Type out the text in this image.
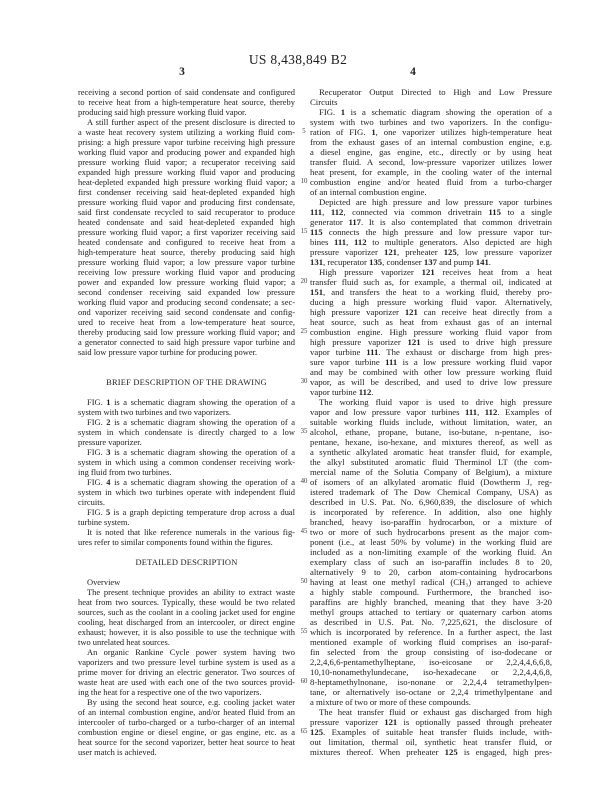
US 8,438,849 B2
3	4
receiving a second portion of said condensate and configured
to receive heat from a high-temperature heat source, thereby
producing said high pressure working fluid vapor.
A still further aspect of the present disclosure is directed to
a waste heat recovery system utilizing a working fluid com-
prising: a high pressure vapor turbine receiving high pressure
working fluid vapor and producing power and expanded high
pressure working fluid vapor; a recuperator receiving said
expanded high pressure working fluid vapor and producing
heat-depleted expanded high pressure working fluid vapor; a
first condenser receiving said heat-depleted expanded high
pressure working fluid vapor and producing first condensate,
said first condensate recycled to said recuperator to produce
heated condensate and said heat-depleted expanded high
pressure working fluid vapor; a first vaporizer receiving said
heated condensate and configured to receive heat from a
high-temperature heat source, thereby producing said high
pressure working fluid vapor; a low pressure vapor turbine
receiving low pressure working fluid vapor and producing
power and expanded low pressure working fluid vapor; a
second condenser receiving said expanded low pressure
working fluid vapor and producing second condensate; a sec-
ond vaporizer receiving said second condensate and config-
ured to receive heat from a low-temperature heat source,
thereby producing said low pressure working fluid vapor; and
a generator connected to said high pressure vapor turbine and
said low pressure vapor turbine for producing power.
BRIEF DESCRIPTION OF THE DRAWING
FIG. 1 is a schematic diagram showing the operation of a
system with two turbines and two vaporizers.
FIG. 2 is a schematic diagram showing the operation of a
system in which condensate is directly charged to a low
pressure vaporizer.
FIG. 3 is a schematic diagram showing the operation of a
system in which using a common condenser receiving work-
ing fluid from two turbines.
FIG. 4 is a schematic diagram showing the operation of a
system in which two turbines operate with independent fluid
circuits.
FIG. 5 is a graph depicting temperature drop across a dual
turbine system.
It is noted that like reference numerals in the various fig-
ures refer to similar components found within the figures.
DETAILED DESCRIPTION
Overview
The present technique provides an ability to extract waste
heat from two sources. Typically, these would be two related
sources, such as the coolant in a cooling jacket used for engine
cooling, heat discharged from an intercooler, or direct engine
exhaust; however, it is also possible to use the technique with
two unrelated heat sources.
An organic Rankine Cycle power system having two
vaporizers and two pressure level turbine system is used as a
prime mover for driving an electric generator. Two sources of
waste heat are used with each one of the two sources provid-
ing the heat for a respective one of the two vaporizers.
By using the second heat source, e.g. cooling jacket water
of an internal combustion engine, and/or heated fluid from an
intercooler of turbo-charged or a turbo-charger of an internal
combustion engine or diesel engine, or gas engine, etc. as a
heat source for the second vaporizer, better heat source to heat
user match is achieved.
Recuperator Output Directed to High and Low Pressure
Circuits
FIG. 1 is a schematic diagram showing the operation of a
system with two turbines and two vaporizers. In the configu-
ration of FIG. 1, one vaporizer utilizes high-temperature heat
from the exhaust gases of an internal combustion engine, e.g.
a diesel engine, gas engine, etc., directly or by using heat
transfer fluid. A second, low-pressure vaporizer utilizes lower
heat present, for example, in the cooling water of the internal
combustion engine and/or heated fluid from a turbo-charger
of an internal combustion engine.
Depicted are high pressure and low pressure vapor turbines
111, 112, connected via common drivetrain 115 to a single
generator 117. It is also contemplated that common drivetrain
115 connects the high pressure and low pressure vapor tur-
bines 111, 112 to multiple generators. Also depicted are high
pressure vaporizer 121, preheater 125, low pressure vaporizer
131, recuperator 135, condenser 137 and pump 141.
High pressure vaporizer 121 receives heat from a heat
transfer fluid such as, for example, a thermal oil, indicated at
151, and transfers the heat to a working fluid, thereby pro-
ducing a high pressure working fluid vapor. Alternatively,
high pressure vaporizer 121 can receive heat directly from a
heat source, such as heat from exhaust gas of an internal
combustion engine. High pressure working fluid vapor from
high pressure vaporizer 121 is used to drive high pressure
vapor turbine 111. The exhaust or discharge from high pres-
sure vapor turbine 111 is a low pressure working fluid vapor
and may be combined with other low pressure working fluid
vapor, as will be described, and used to drive low pressure
vapor turbine 112.
The working fluid vapor is used to drive high pressure
vapor and low pressure vapor turbines 111, 112. Examples of
suitable working fluids include, without limitation, water, an
alcohol, ethane, propane, butane, iso-butane, n-pentane, iso-
pentane, hexane, iso-hexane, and mixtures thereof, as well as
a synthetic alkylated aromatic heat transfer fluid, for example,
the alkyl substituted aromatic fluid Therminol LT (the com-
mercial name of the Solutia Company of Belgium), a mixture
of isomers of an alkylated aromatic fluid (Dowtherm J, reg-
istered trademark of The Dow Chemical Company, USA) as
described in U.S. Pat. No. 6,960,839, the disclosure of which
is incorporated by reference. In addition, also one highly
branched, heavy iso-paraffin hydrocarbon, or a mixture of
two or more of such hydrocarbons present as the major com-
ponent (i.e., at least 50% by volume) in the working fluid are
included as a non-limiting example of the working fluid. An
exemplary class of such an iso-paraffin includes 8 to 20,
alternatively 9 to 20, carbon atom-containing hydrocarbons
having at least one methyl radical (CH₃) arranged to achieve
a highly stable compound. Furthermore, the branched iso-
paraffins are highly branched, meaning that they have 3-20
methyl groups attached to tertiary or quaternary carbon atoms
as described in U.S. Pat. No. 7,225,621, the disclosure of
which is incorporated by reference. In a further aspect, the last
mentioned example of working fluid comprises an iso-paraf-
fin selected from the group consisting of iso-dodecane or
2,2,4,6,6-pentamethylheptane, iso-eicosane or 2,2,4,4,6,6,8,
10,10-nonamethylundecane, iso-hexadecane or 2,2,4,4,6,8,
8-heptamethylnonane, iso-nonane or 2,2,4,4 tetramethylpen-
tane, or alternatively iso-octane or 2,2,4 trimethylpentane and
a mixture of two or more of these compounds.
The heat transfer fluid or exhaust gas discharged from high
pressure vaporizer 121 is optionally passed through preheater
125. Examples of suitable heat transfer fluids include, with-
out limitation, thermal oil, synthetic heat transfer fluid, or
mixtures thereof. When preheater 125 is engaged, high pres-
5
10
15
20
25
30
35
40
45
50
55
60
65
